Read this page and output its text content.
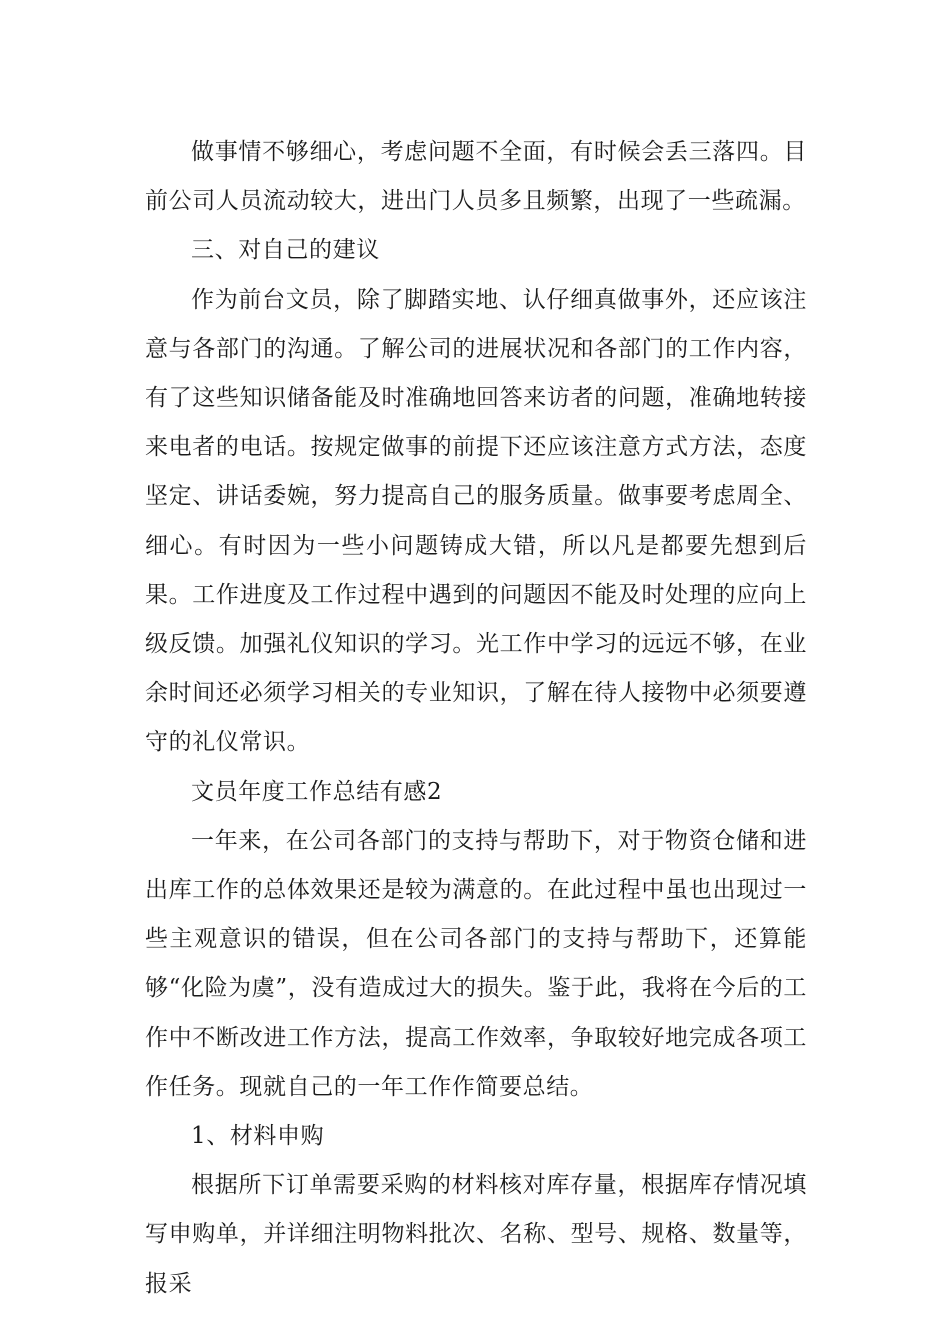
做事情不够细心，考虑问题不全面，有时候会丢三落四。目前公司人员流动较大，进出门人员多且频繁，出现了一些疏漏。

三、对自己的建议

作为前台文员，除了脚踏实地、认仔细真做事外，还应该注意与各部门的沟通。了解公司的进展状况和各部门的工作内容，有了这些知识储备能及时准确地回答来访者的问题，准确地转接来电者的电话。按规定做事的前提下还应该注意方式方法，态度坚定、讲话委婉，努力提高自己的服务质量。做事要考虑周全、细心。有时因为一些小问题铸成大错，所以凡是都要先想到后果。工作进度及工作过程中遇到的问题因不能及时处理的应向上级反馈。加强礼仪知识的学习。光工作中学习的远远不够，在业余时间还必须学习相关的专业知识，了解在待人接物中必须要遵守的礼仪常识。

文员年度工作总结有感2

一年来，在公司各部门的支持与帮助下，对于物资仓储和进出库工作的总体效果还是较为满意的。在此过程中虽也出现过一些主观意识的错误，但在公司各部门的支持与帮助下，还算能够“化险为虞”，没有造成过大的损失。鉴于此，我将在今后的工作中不断改进工作方法，提高工作效率，争取较好地完成各项工作任务。现就自己的一年工作作简要总结。

1、材料申购

根据所下订单需要采购的材料核对库存量，根据库存情况填写申购单，并详细注明物料批次、名称、型号、规格、数量等，报采
